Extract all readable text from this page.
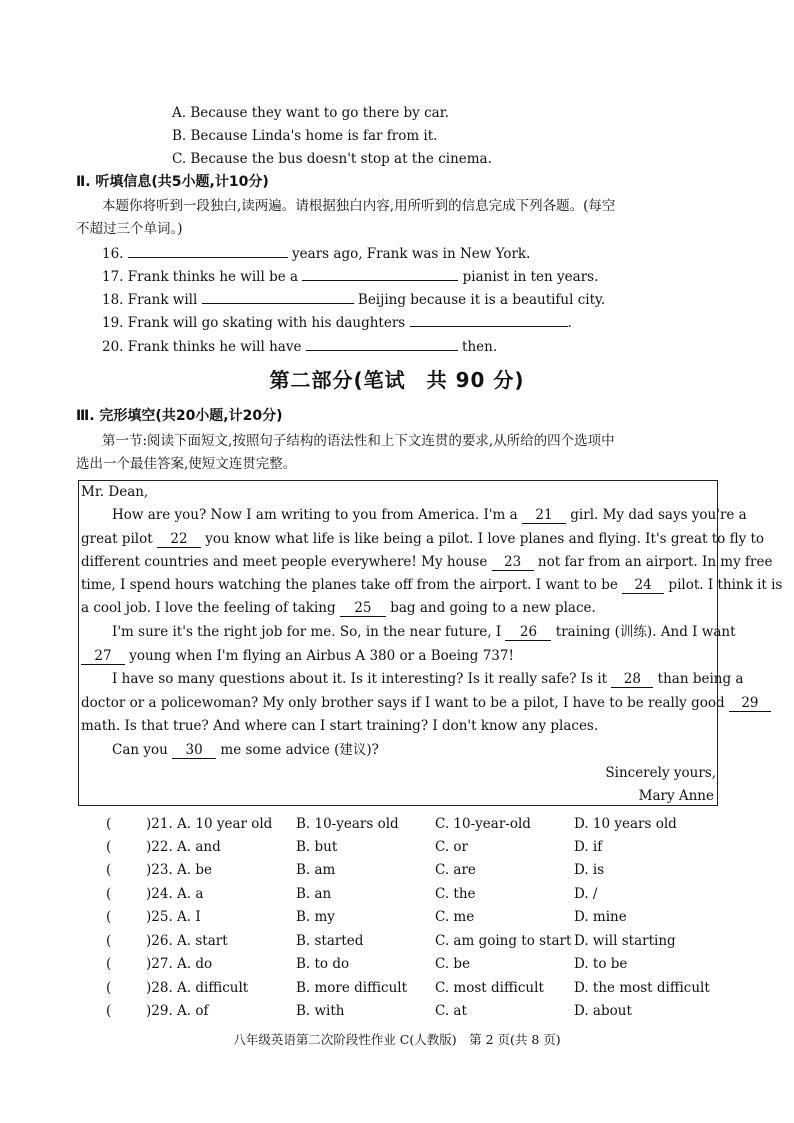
A. Because they want to go there by car.
B. Because Linda's home is far from it.
C. Because the bus doesn't stop at the cinema.
Ⅱ. 听填信息(共5小题,计10分)
本题你将听到一段独白,读两遍。请根据独白内容,用所听到的信息完成下列各题。(每空
不超过三个单词。)
16.	years ago, Frank was in New York.
17. Frank thinks he will be a	pianist in ten years.
18. Frank will	Beijing because it is a beautiful city.
19. Frank will go skating with his daughters	.
20. Frank thinks he will have	then.
第二部分(笔试　共 90 分)
Ⅲ. 完形填空(共20小题,计20分)
第一节:阅读下面短文,按照句子结构的语法性和上下文连贯的要求,从所给的四个选项中
选出一个最佳答案,使短文连贯完整。
Mr. Dean,
How are you? Now I am writing to you from America. I'm a 21 girl. My dad says you're a
great pilot 22 you know what life is like being a pilot. I love planes and flying. It's great to fly to
different countries and meet people everywhere! My house 23 not far from an airport. In my free
time, I spend hours watching the planes take off from the airport. I want to be 24 pilot. I think it is
a cool job. I love the feeling of taking 25 bag and going to a new place.
I'm sure it's the right job for me. So, in the near future, I 26 training (训练). And I want
27 young when I'm flying an Airbus A 380 or a Boeing 737!
I have so many questions about it. Is it interesting? Is it really safe? Is it 28 than being a
doctor or a policewoman? My only brother says if I want to be a pilot, I have to be really good 29
math. Is that true? And where can I start training? I don't know any places.
Can you 30 me some advice (建议)?
Sincerely yours,
Mary Anne
(	)21. A. 10 year old B. 10-years old	C. 10-year-old	D. 10 years old
(	)22. A. and	B. but	C. or	D. if
(	)23. A. be	B. am	C. are	D. is
(	)24. A. a	B. an	C. the	D. /
(	)25. A. I	B. my	C. me	D. mine
(	)26. A. start	B. started	C. am going to start D. will starting
(	)27. A. do	B. to do	C. be	D. to be
(	)28. A. difficult	B. more difficult C. most difficult D. the most difficult
(	)29. A. of	B. with	C. at	D. about
八年级英语第二次阶段性作业 C(人教版)　第 2 页(共 8 页)
